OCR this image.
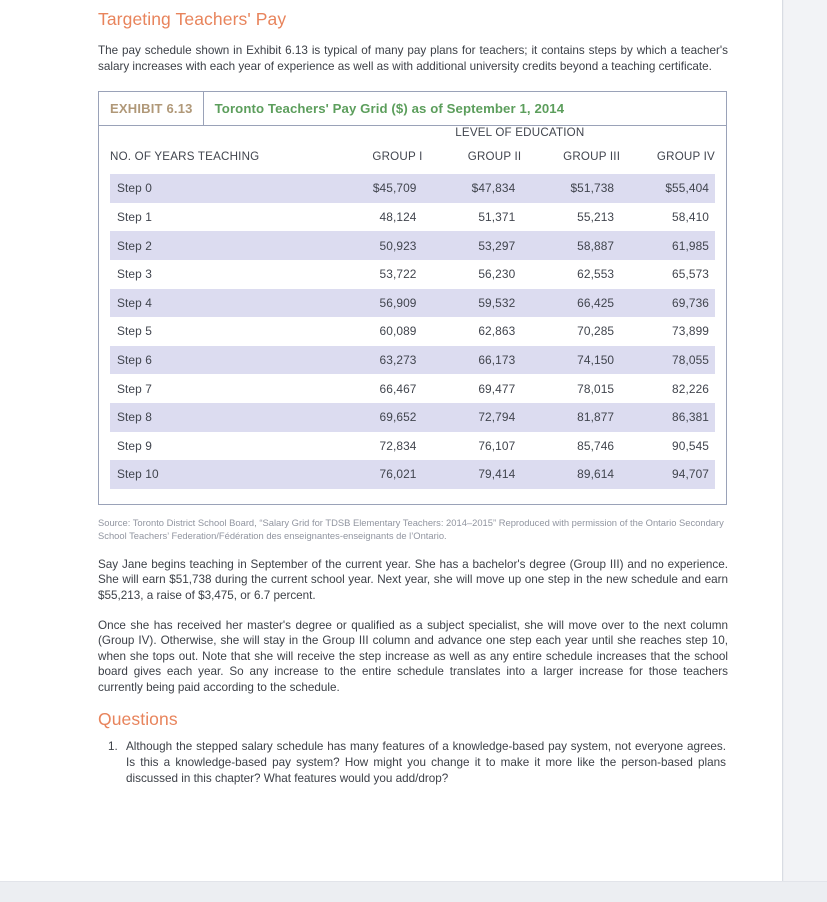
Targeting Teachers' Pay

The pay schedule shown in Exhibit 6.13 is typical of many pay plans for teachers; it contains steps by which a teacher's salary increases with each year of experience as well as with additional university credits beyond a teaching certificate.

EXHIBIT 6.13	Toronto Teachers' Pay Grid ($) as of September 1, 2014
	LEVEL OF EDUCATION			
NO. OF YEARS TEACHING	GROUP I	GROUP II	GROUP III	GROUP IV
Step 0	$45,709	$47,834	$51,738	$55,404
Step 1	48,124	51,371	55,213	58,410
Step 2	50,923	53,297	58,887	61,985
Step 3	53,722	56,230	62,553	65,573
Step 4	56,909	59,532	66,425	69,736
Step 5	60,089	62,863	70,285	73,899
Step 6	63,273	66,173	74,150	78,055
Step 7	66,467	69,477	78,015	82,226
Step 8	69,652	72,794	81,877	86,381
Step 9	72,834	76,107	85,746	90,545
Step 10	76,021	79,414	89,614	94,707

Source: Toronto District School Board, “Salary Grid for TDSB Elementary Teachers: 2014–2015” Reproduced with permission of the Ontario Secondary School Teachers’ Federation/Fédération des enseignantes-enseignants de l’Ontario.

Say Jane begins teaching in September of the current year. She has a bachelor's degree (Group III) and no experience. She will earn $51,738 during the current school year. Next year, she will move up one step in the new schedule and earn $55,213, a raise of $3,475, or 6.7 percent.

Once she has received her master's degree or qualified as a subject specialist, she will move over to the next column (Group IV). Otherwise, she will stay in the Group III column and advance one step each year until she reaches step 10, when she tops out. Note that she will receive the step increase as well as any entire schedule increases that the school board gives each year. So any increase to the entire schedule translates into a larger increase for those teachers currently being paid according to the schedule.

Questions
Although the stepped salary schedule has many features of a knowledge-based pay system, not everyone agrees. Is this a knowledge-based pay system? How might you change it to make it more like the person-based plans discussed in this chapter? What features would you add/drop?
